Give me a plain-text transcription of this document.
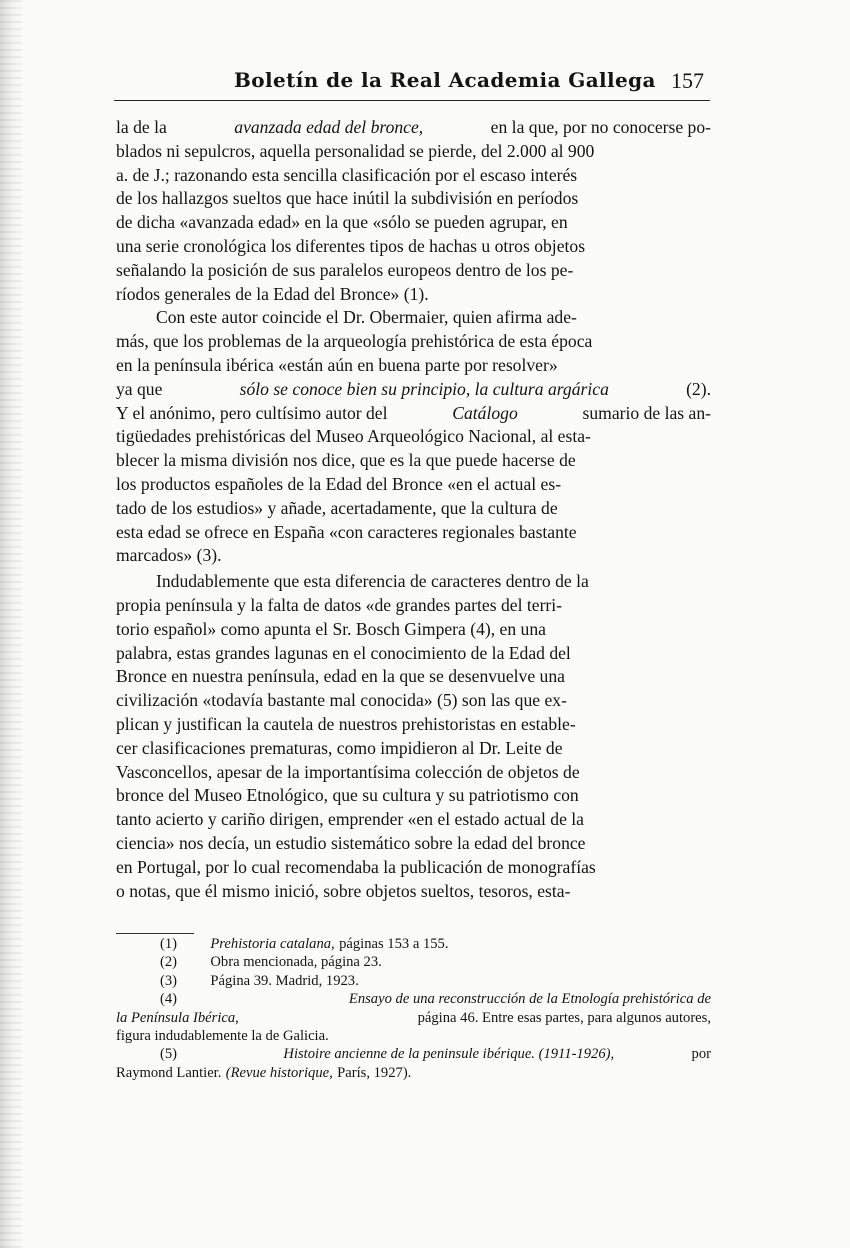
Boletín de la Real Academia Gallega 157
la de la	avanzada edad del bronce,	en la que, por no conocerse po-
blados ni sepulcros, aquella personalidad se pierde, del 2.000 al 900
a. de J.; razonando esta sencilla clasificación por el escaso interés
de los hallazgos sueltos que hace inútil la subdivisión en períodos
de dicha «avanzada edad» en la que «sólo se pueden agrupar, en
una serie cronológica los diferentes tipos de hachas u otros objetos
señalando la posición de sus paralelos europeos dentro de los pe-
ríodos generales de la Edad del Bronce» (1).
Con este autor coincide el Dr. Obermaier, quien afirma ade-
más, que los problemas de la arqueología prehistórica de esta época
en la península ibérica «están aún en buena parte por resolver»
ya que	sólo se conoce bien su principio, la cultura argárica	(2).
Y el anónimo, pero cultísimo autor del	Catálogo	sumario de las an-
tigüedades prehistóricas del Museo Arqueológico Nacional, al esta-
blecer la misma división nos dice, que es la que puede hacerse de
los productos españoles de la Edad del Bronce «en el actual es-
tado de los estudios» y añade, acertadamente, que la cultura de
esta edad se ofrece en España «con caracteres regionales bastante
marcados» (3).
Indudablemente que esta diferencia de caracteres dentro de la
propia península y la falta de datos «de grandes partes del terri-
torio español» como apunta el Sr. Bosch Gimpera (4), en una
palabra, estas grandes lagunas en el conocimiento de la Edad del
Bronce en nuestra península, edad en la que se desenvuelve una
civilización «todavía bastante mal conocida» (5) son las que ex-
plican y justifican la cautela de nuestros prehistoristas en estable-
cer clasificaciones prematuras, como impidieron al Dr. Leite de
Vasconcellos, apesar de la importantísima colección de objetos de
bronce del Museo Etnológico, que su cultura y su patriotismo con
tanto acierto y cariño dirigen, emprender «en el estado actual de la
ciencia» nos decía, un estudio sistemático sobre la edad del bronce
en Portugal, por lo cual recomendaba la publicación de monografías
o notas, que él mismo inició, sobre objetos sueltos, tesoros, esta-
(1)	Prehistoria catalana, páginas 153 a 155.
(2)	Obra mencionada, página 23.
(3)	Página 39. Madrid, 1923.
(4)	Ensayo de una reconstrucción de la Etnología prehistórica de
la Península Ibérica,	página 46. Entre esas partes, para algunos autores,
figura indudablemente la de Galicia.
(5)	Histoire ancienne de la peninsule ibérique. (1911-1926),	por
Raymond Lantier. (Revue historique, París, 1927).
